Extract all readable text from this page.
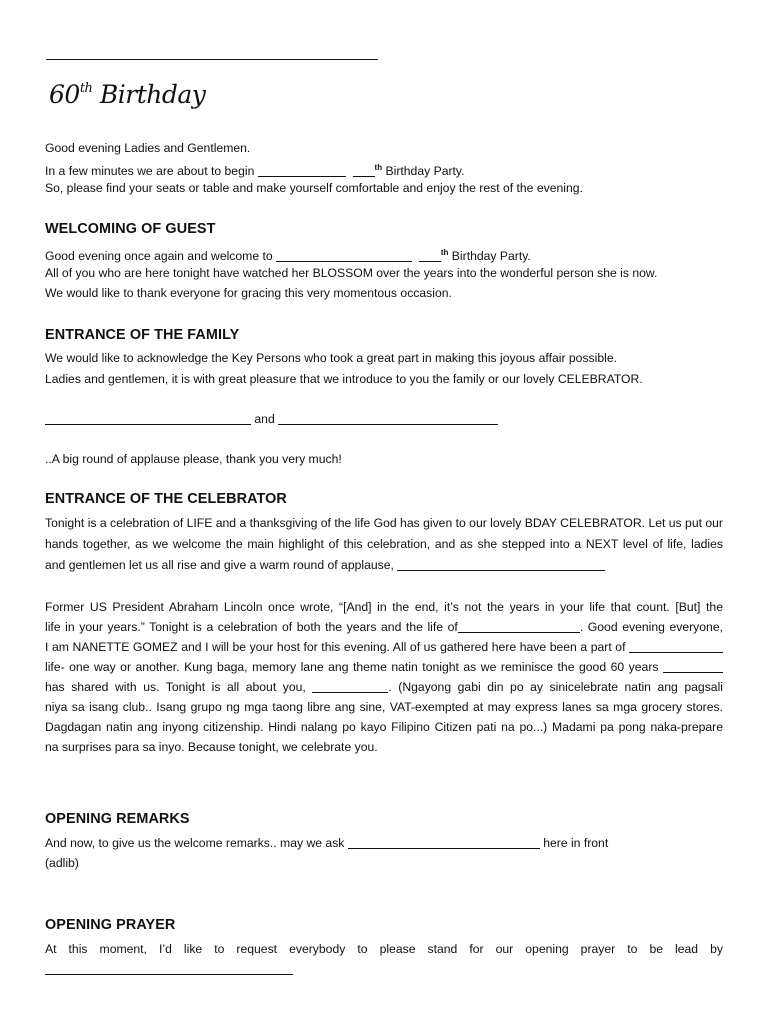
60th Birthday
Good evening Ladies and Gentlemen.
In a few minutes we are about to begin	$^{th}$ Birthday Party.
So, please find your seats or table and make yourself comfortable and enjoy the rest of the evening.
WELCOMING OF GUEST
Good evening once again and welcome to	$^{th}$ Birthday Party.
All of you who are here tonight have watched her BLOSSOM over the years into the wonderful person she is now.
We would like to thank everyone for gracing this very momentous occasion.
ENTRANCE OF THE FAMILY
We would like to acknowledge the Key Persons who took a great part in making this joyous affair possible.
Ladies and gentlemen, it is with great pleasure that we introduce to you the family or our lovely CELEBRATOR.
and
..A big round of applause please, thank you very much!
ENTRANCE OF THE CELEBRATOR
Tonight is a celebration of LIFE and a thanksgiving of the life God has given to our lovely BDAY CELEBRATOR. Let us put our
hands together, as we welcome the main highlight of this celebration, and as she stepped into a NEXT level of life, ladies
and gentlemen let us all rise and give a warm round of applause,
Former US President Abraham Lincoln once wrote, “[And] in the end, it’s not the years in your life that count. [But] the
life in your years.” Tonight is a celebration of both the years and the life of	. Good evening everyone,
I am NANETTE GOMEZ and I will be your host for this evening. All of us gathered here have been a part of
life- one way or another. Kung baga, memory lane ang theme natin tonight as we reminisce the good 60 years
has shared with us. Tonight is all about you,	. (Ngayong gabi din po ay sinicelebrate natin ang pagsali
niya sa isang club.. Isang grupo ng mga taong libre ang sine, VAT-exempted at may express lanes sa mga grocery stores.
Dagdagan natin ang inyong citizenship. Hindi nalang po kayo Filipino Citizen pati na po...) Madami pa pong naka-prepare
na surprises para sa inyo. Because tonight, we celebrate you.
OPENING REMARKS
And now, to give us the welcome remarks.. may we ask	here in front
(adlib)
OPENING PRAYER
At this moment, I’d like to request everybody to please stand for our opening prayer to be lead by
